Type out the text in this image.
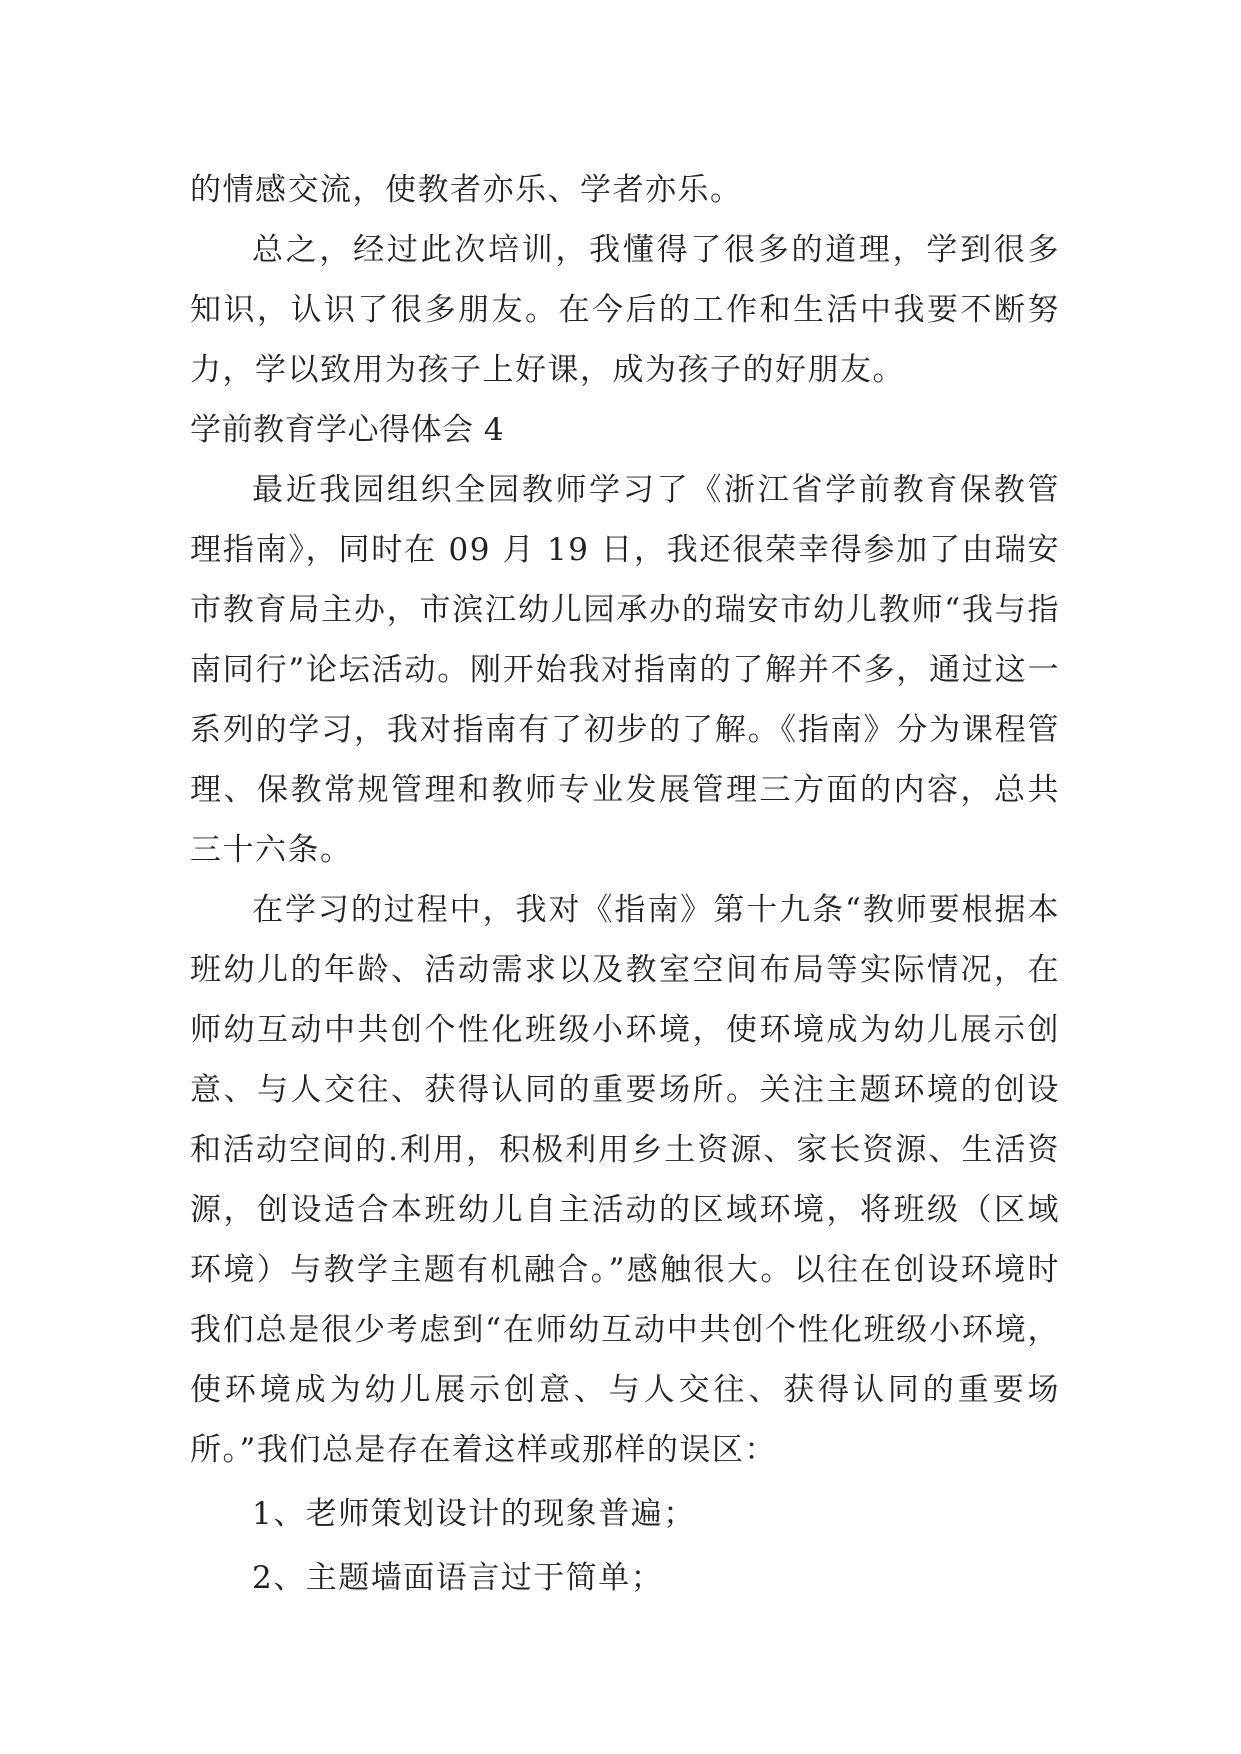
的情感交流，使教者亦乐、学者亦乐。

总之，经过此次培训，我懂得了很多的道理，学到很多知识，认识了很多朋友。在今后的工作和生活中我要不断努力，学以致用为孩子上好课，成为孩子的好朋友。

学前教育学心得体会 4

最近我园组织全园教师学习了《浙江省学前教育保教管理指南》，同时在 09 月 19 日，我还很荣幸得参加了由瑞安市教育局主办，市滨江幼儿园承办的瑞安市幼儿教师“我与指南同行”论坛活动。刚开始我对指南的了解并不多，通过这一系列的学习，我对指南有了初步的了解。《指南》分为课程管理、保教常规管理和教师专业发展管理三方面的内容，总共三十六条。

在学习的过程中，我对《指南》第十九条“教师要根据本班幼儿的年龄、活动需求以及教室空间布局等实际情况，在师幼互动中共创个性化班级小环境，使环境成为幼儿展示创意、与人交往、获得认同的重要场所。关注主题环境的创设和活动空间的.利用，积极利用乡土资源、家长资源、生活资源，创设适合本班幼儿自主活动的区域环境，将班级（区域环境）与教学主题有机融合。”感触很大。以往在创设环境时我们总是很少考虑到“在师幼互动中共创个性化班级小环境，使环境成为幼儿展示创意、与人交往、获得认同的重要场所。”我们总是存在着这样或那样的误区：

1、老师策划设计的现象普遍；

2、主题墙面语言过于简单；
